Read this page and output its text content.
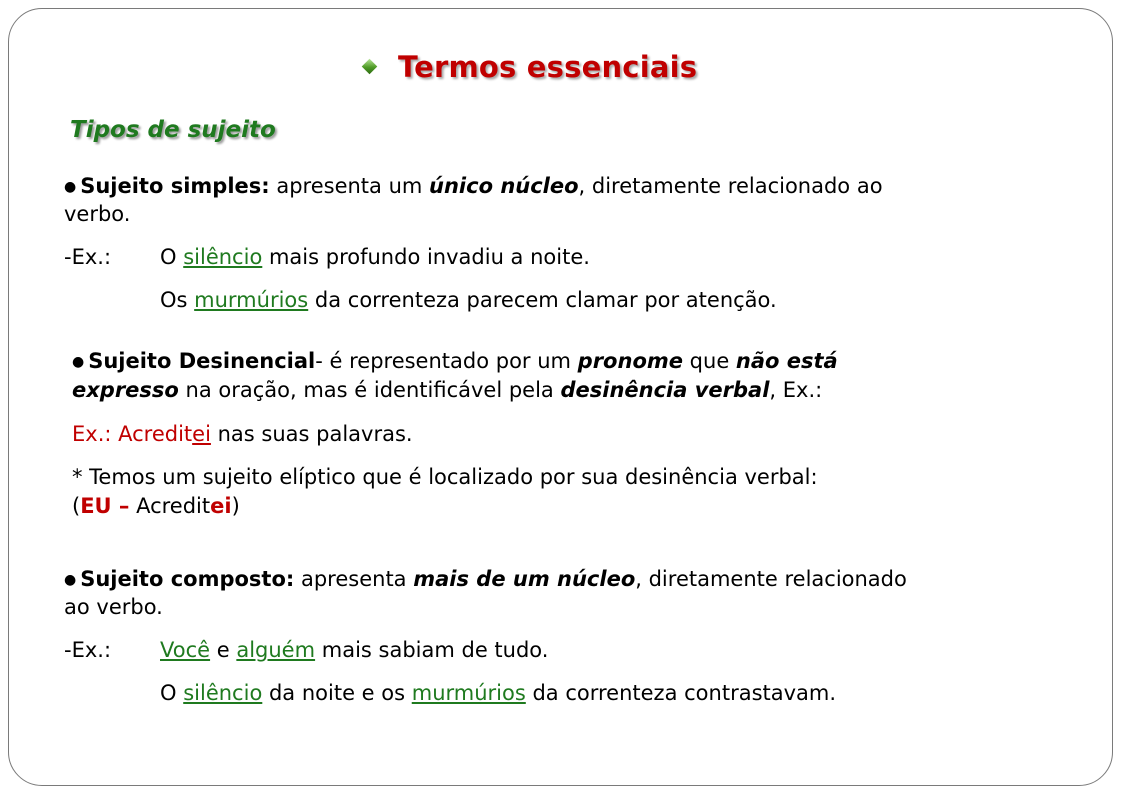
Termos essenciais
Tipos de sujeito
● Sujeito simples: apresenta um único núcleo, diretamente relacionado ao
verbo.
-Ex.: O silêncio mais profundo invadiu a noite.
Os murmúrios da correnteza parecem clamar por atenção.
● Sujeito Desinencial- é representado por um pronome que não está
expresso na oração, mas é identificável pela desinência verbal, Ex.:
Ex.: Acreditei nas suas palavras.
* Temos um sujeito elíptico que é localizado por sua desinência verbal:
(EU – Acreditei)
● Sujeito composto: apresenta mais de um núcleo, diretamente relacionado
ao verbo.
-Ex.: Você e alguém mais sabiam de tudo.
O silêncio da noite e os murmúrios da correnteza contrastavam.
